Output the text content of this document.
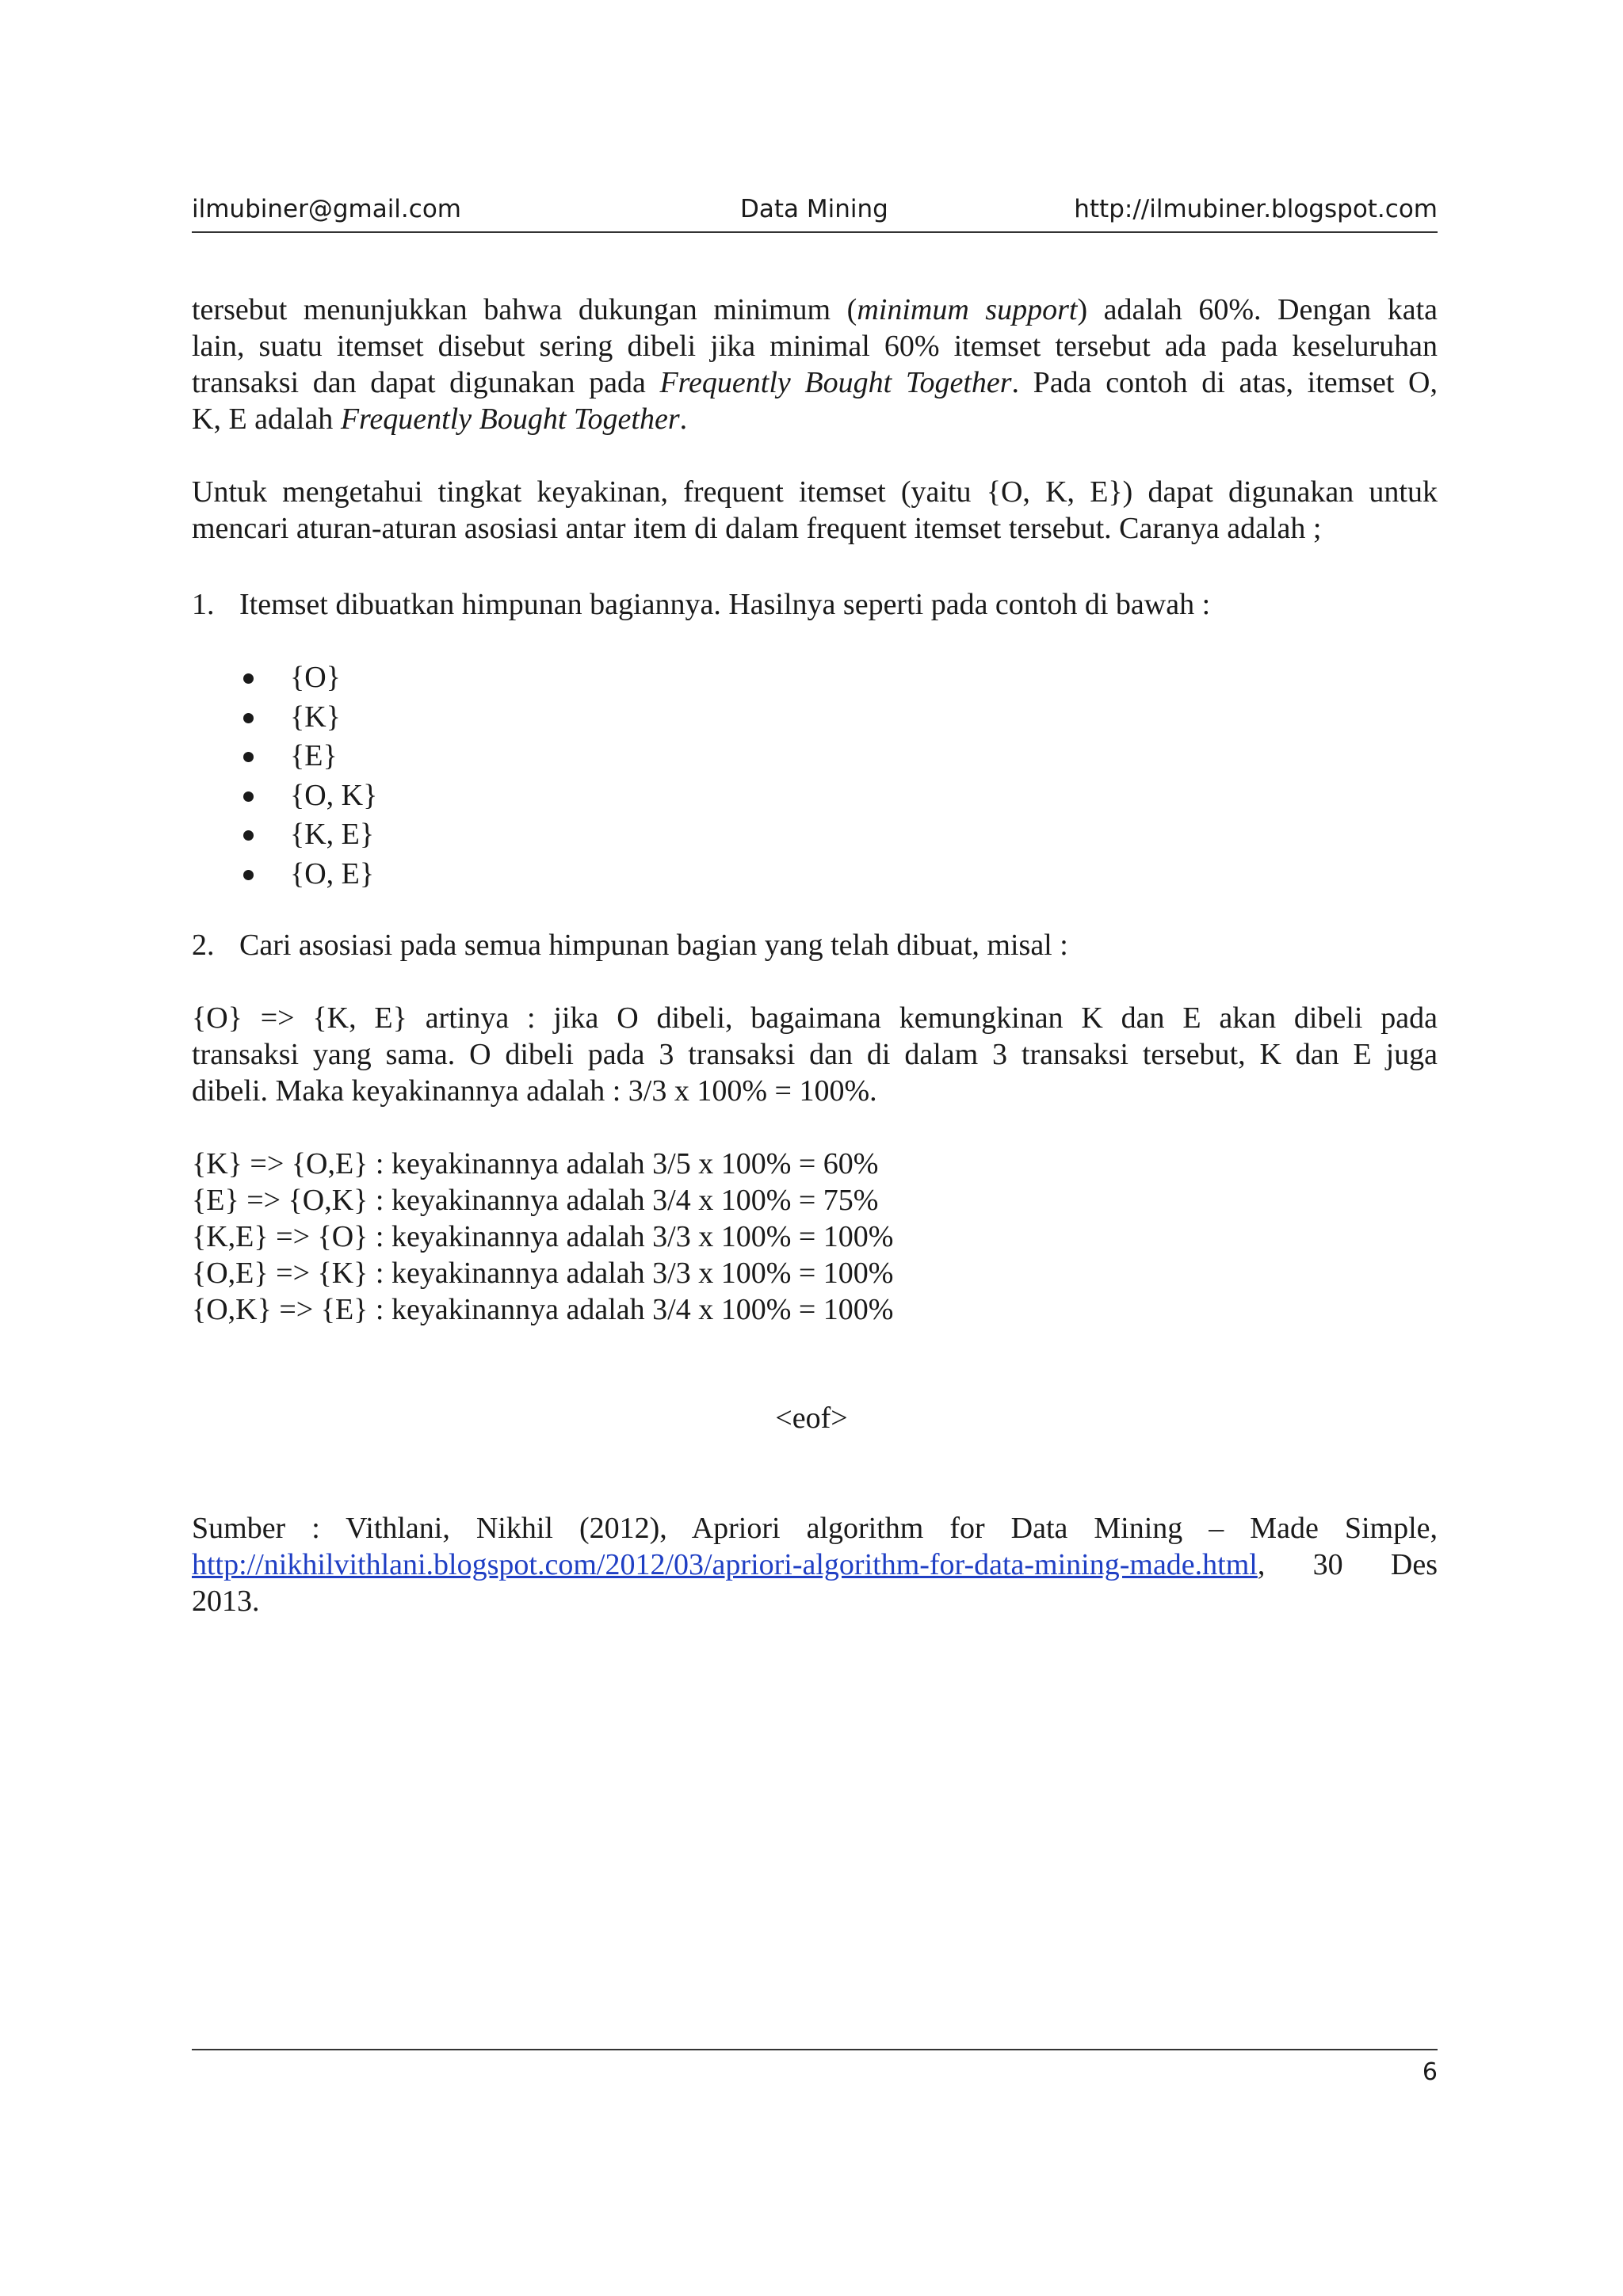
ilmubiner@gmail.com	Data Mining	http://ilmubiner.blogspot.com
tersebut menunjukkan bahwa dukungan minimum (minimum support) adalah 60%. Dengan kata
lain, suatu itemset disebut sering dibeli jika minimal 60% itemset tersebut ada pada keseluruhan
transaksi dan dapat digunakan pada Frequently Bought Together. Pada contoh di atas, itemset O,
K, E adalah Frequently Bought Together.
Untuk mengetahui tingkat keyakinan, frequent itemset (yaitu {O, K, E}) dapat digunakan untuk
mencari aturan-aturan asosiasi antar item di dalam frequent itemset tersebut. Caranya adalah ;
1. Itemset dibuatkan himpunan bagiannya. Hasilnya seperti pada contoh di bawah :
{O}
{K}
{E}
{O, K}
{K, E}
{O, E}
2. Cari asosiasi pada semua himpunan bagian yang telah dibuat, misal :
{O} => {K, E} artinya : jika O dibeli, bagaimana kemungkinan K dan E akan dibeli pada
transaksi yang sama. O dibeli pada 3 transaksi dan di dalam 3 transaksi tersebut, K dan E juga
dibeli. Maka keyakinannya adalah : 3/3 x 100% = 100%.
{K} => {O,E} : keyakinannya adalah 3/5 x 100% = 60%
{E} => {O,K} : keyakinannya adalah 3/4 x 100% = 75%
{K,E} => {O} : keyakinannya adalah 3/3 x 100% = 100%
{O,E} => {K} : keyakinannya adalah 3/3 x 100% = 100%
{O,K} => {E} : keyakinannya adalah 3/4 x 100% = 100%
<eof>
Sumber : Vithlani, Nikhil (2012), Apriori algorithm for Data Mining – Made Simple,
http://nikhilvithlani.blogspot.com/2012/03/apriori-algorithm-for-data-mining-made.html, 30 Des
2013.
6
